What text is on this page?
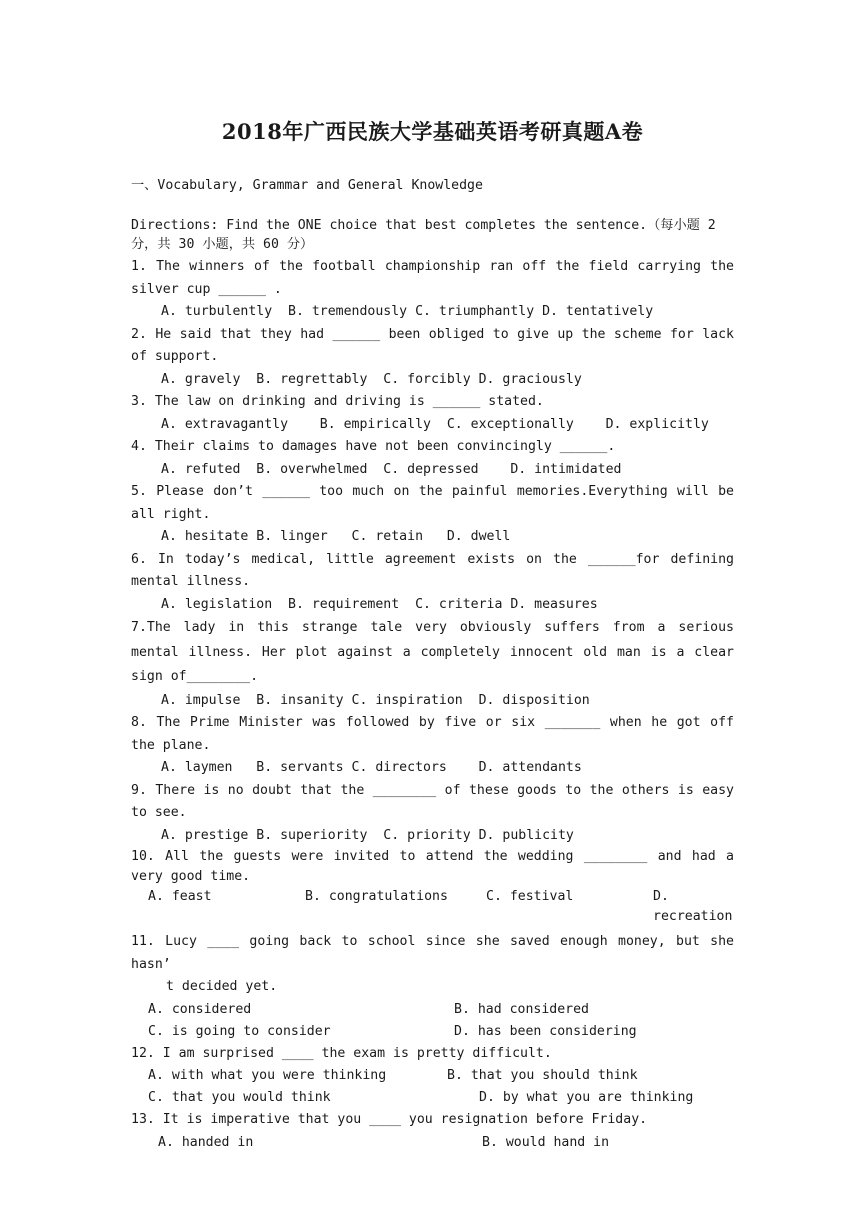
2018年广西民族大学基础英语考研真题A卷
一、Vocabulary, Grammar and General Knowledge
Directions: Find the ONE choice that best completes the sentence.（每小题 2 分，共 30 小题，共 60 分）
1. The winners of the football championship ran off the field carrying the silver cup ______ .
A. turbulently  B. tremendously C. triumphantly D. tentatively
2. He said that they had ______ been obliged to give up the scheme for lack of support.
A. gravely  B. regrettably  C. forcibly D. graciously
3. The law on drinking and driving is ______ stated.
A. extravagantly    B. empirically  C. exceptionally    D. explicitly
4. Their claims to damages have not been convincingly ______.
A. refuted  B. overwhelmed  C. depressed    D. intimidated
5. Please don’t ______ too much on the painful memories.Everything will be all right.
A. hesitate B. linger   C. retain   D. dwell
6. In today’s medical, little agreement exists on the ______for defining mental illness.
A. legislation  B. requirement  C. criteria D. measures
7.The lady in this strange tale very obviously suffers from a serious mental illness. Her plot against a completely innocent old man is a clear sign of________.
A. impulse  B. insanity C. inspiration  D. disposition
8. The Prime Minister was followed by five or six _______ when he got off the plane.
A. laymen   B. servants C. directors    D. attendants
9. There is no doubt that the ________ of these goods to the others is easy to see.
A. prestige B. superiority  C. priority D. publicity
10. All the guests were invited to attend the wedding ________ and had a very good time.
A. feast	B. congratulations	C. festival	D. recreation
11. Lucy ____ going back to school since she saved enough money, but she hasn’
t decided yet.
A. considered	B. had considered
C. is going to consider	D. has been considering
12. I am surprised ____ the exam is pretty difficult.
A. with what you were thinking	B. that you should think
C. that you would think	D. by what you are thinking
13. It is imperative that you ____ you resignation before Friday.
A. handed in	B. would hand in
